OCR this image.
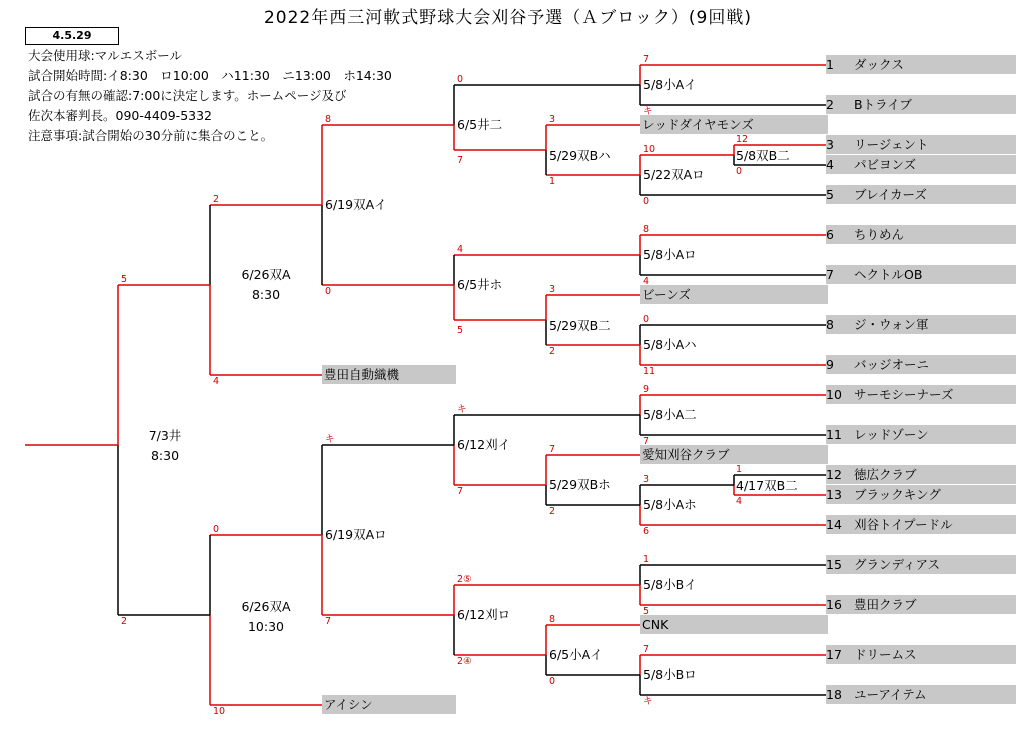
2022年西三河軟式野球大会刈谷予選（Ａブロック）(9回戦)
4.5.29
大会使用球:マルエスボール
試合開始時間:イ8:30　ロ10:00　ハ11:30　ニ13:00　ホ14:30
試合の有無の確認:7:00に決定します。ホームページ及び
佐次本審判長。090-4409-5332
注意事項:試合開始の30分前に集合のこと。
1 ダックス
2 Bトライブ
3 リージェント
4 パビヨンズ
5 ブレイカーズ
6 ちりめん
7 ヘクトルOB
8 ジ・ウォン軍
9 バッジオーニ
10 サーモシーナーズ
11 レッドゾーン
12 徳広クラブ
13 ブラックキング
14 刈谷トイプードル
15 グランディアス
16 豊田クラブ
17 ドリームス
18 ユーアイテム
レッドダイヤモンズ
ビーンズ
愛知刈谷クラブ
CNK
豊田自動織機
アイシン
5/8小Aイ
5/8双B二
5/22双Aロ
5/29双Bハ
6/5井二
5/8小Aロ
5/8小Aハ
5/29双B二
6/5井ホ
6/19双Aイ
5/8小A二
4/17双B二
5/8小Aホ
5/29双Bホ
6/12刈イ
5/8小Bイ
5/8小Bロ
6/5小Aイ
6/12刈ロ
6/19双Aロ
6/26双A
8:30
6/26双A
10:30
7/3井
8:30
7
キ
12
0
10
0
3
1
0
7
8
4
0
11
3
2
4
5
8
0
9
7
1
4
3
6
7
2
キ
7
1
5
7
キ
8
0
2⑤
2④
キ
7
2
4
0
10
5
2
